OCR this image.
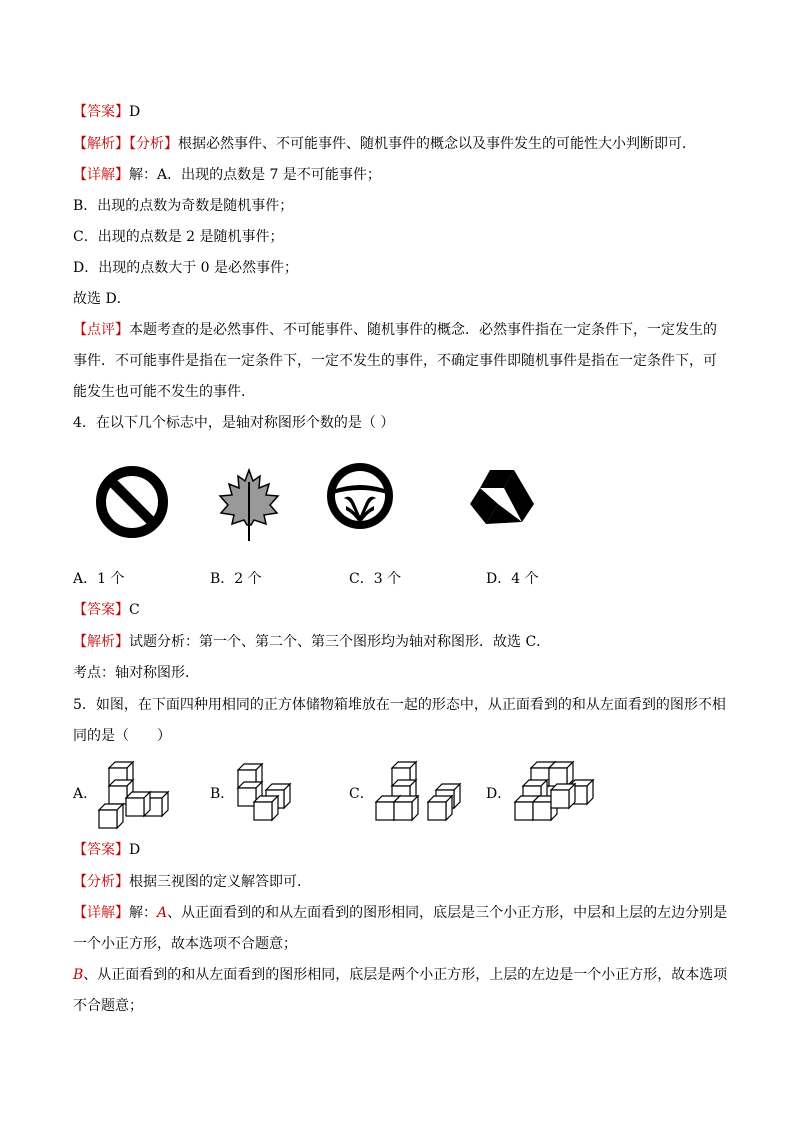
【答案】D
【解析】【分析】根据必然事件、不可能事件、随机事件的概念以及事件发生的可能性大小判断即可．
【详解】解：A．出现的点数是 7 是不可能事件；
B．出现的点数为奇数是随机事件；
C．出现的点数是 2 是随机事件；
D．出现的点数大于 0 是必然事件；
故选 D．
【点评】本题考查的是必然事件、不可能事件、随机事件的概念．必然事件指在一定条件下，一定发生的
事件．不可能事件是指在一定条件下，一定不发生的事件，不确定事件即随机事件是指在一定条件下，可
能发生也可能不发生的事件．
4．在以下几个标志中，是轴对称图形个数的是（ ）
A．1 个	B．2 个	C．3 个	D．4 个
【答案】C
【解析】试题分析：第一个、第二个、第三个图形均为轴对称图形．故选 C．
考点：轴对称图形．
5．如图，在下面四种用相同的正方体储物箱堆放在一起的形态中，从正面看到的和从左面看到的图形不相
同的是（　　）
A．	B．	C．	D．
【答案】D
【分析】根据三视图的定义解答即可．
【详解】解：A、从正面看到的和从左面看到的图形相同，底层是三个小正方形，中层和上层的左边分别是
一个小正方形，故本选项不合题意；
B、从正面看到的和从左面看到的图形相同，底层是两个小正方形，上层的左边是一个小正方形，故本选项
不合题意；
